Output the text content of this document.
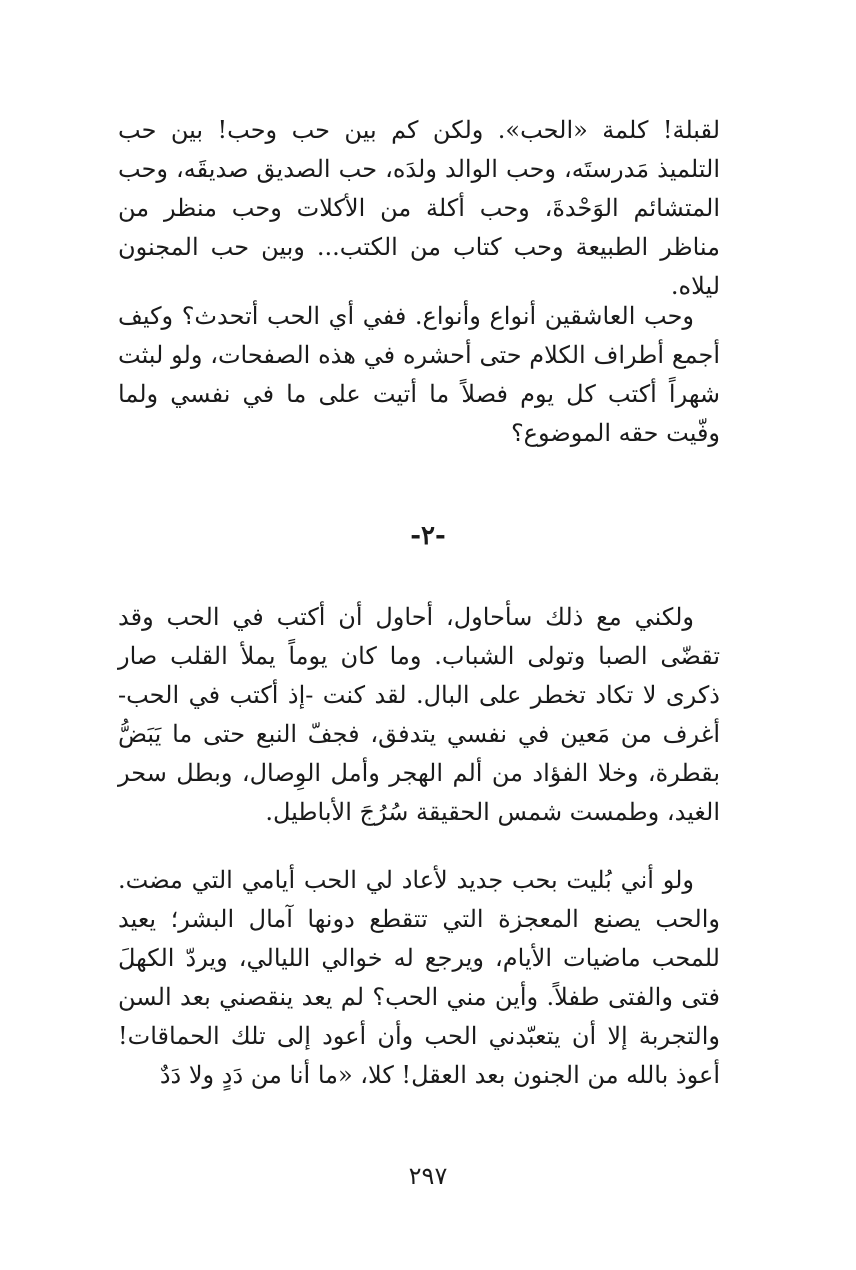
لقبلة! كلمة «الحب». ولكن كم بين حب وحب! بين حب التلميذ مَدرستَه، وحب الوالد ولدَه، حب الصديق صديقَه، وحب المتشائم الوَحْدةَ، وحب أكلة من الأكلات وحب منظر من مناظر الطبيعة وحب كتاب من الكتب... وبين حب المجنون ليلاه.

وحب العاشقين أنواع وأنواع. ففي أي الحب أتحدث؟ وكيف أجمع أطراف الكلام حتى أحشره في هذه الصفحات، ولو لبثت شهراً أكتب كل يوم فصلاً ما أتيت على ما في نفسي ولما وفّيت حقه الموضوع؟

-٢-

ولكني مع ذلك سأحاول، أحاول أن أكتب في الحب وقد تقضّى الصبا وتولى الشباب. وما كان يوماً يملأ القلب صار ذكرى لا تكاد تخطر على البال. لقد كنت -إذ أكتب في الحب- أغرف من مَعين في نفسي يتدفق، فجفّ النبع حتى ما يَبَضُّ بقطرة، وخلا الفؤاد من ألم الهجر وأمل الوِصال، وبطل سحر الغيد، وطمست شمس الحقيقة سُرُجَ الأباطيل.

ولو أني بُليت بحب جديد لأعاد لي الحب أيامي التي مضت. والحب يصنع المعجزة التي تتقطع دونها آمال البشر؛ يعيد للمحب ماضيات الأيام، ويرجع له خوالي الليالي، ويردّ الكهلَ فتى والفتى طفلاً. وأين مني الحب؟ لم يعد ينقصني بعد السن والتجربة إلا أن يتعبّدني الحب وأن أعود إلى تلك الحماقات! أعوذ بالله من الجنون بعد العقل! كلا، «ما أنا من دَدٍ ولا دَدٌ

٢٩٧
